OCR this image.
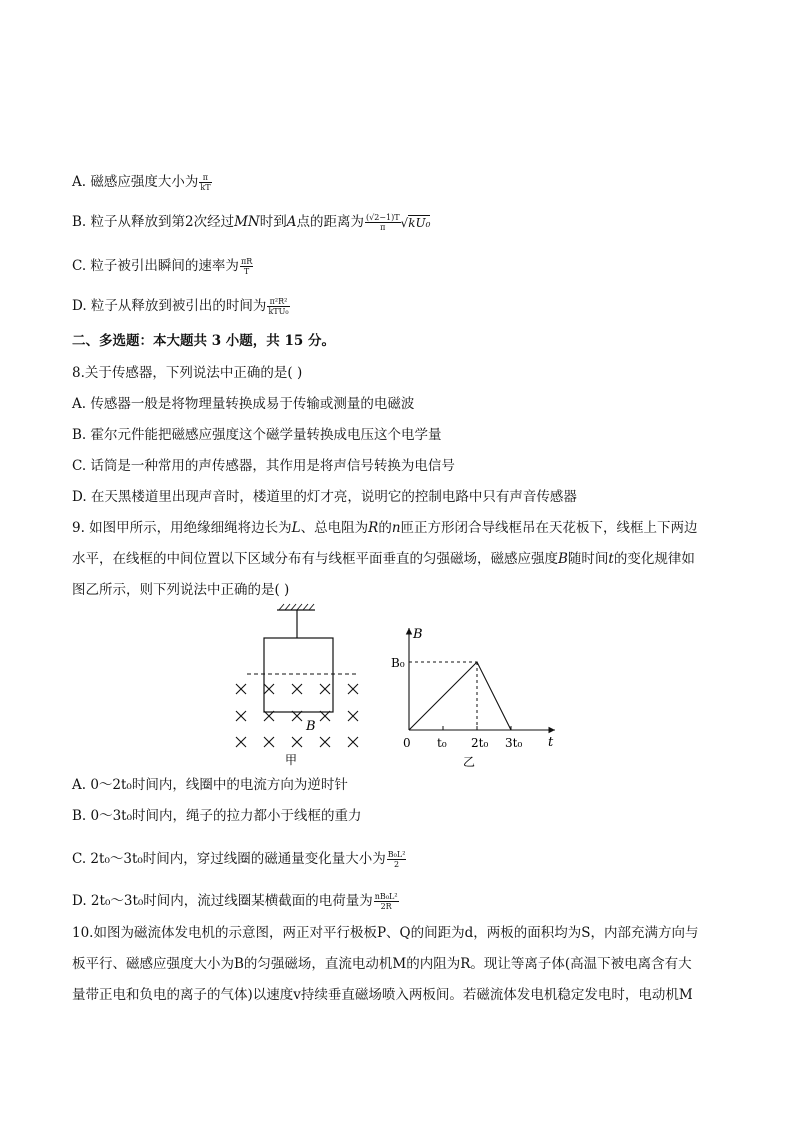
A. 磁感应强度大小为 $\frac{\pi}{kT}$
B. 粒子从释放到第2次经过MN时到A点的距离为 $\frac{(√2-1)T}{\pi} √kU_0$
C. 粒子被引出瞬间的速率为 $\frac{\pi R}{T}$
D. 粒子从释放到被引出的时间为 $\frac{\text{π²R²}}{\text{kTU₀}}$
二、多选题：本大题共 3 小题，共 15 分。
8.关于传感器，下列说法中正确的是( )
A. 传感器一般是将物理量转换成易于传输或测量的电磁波
B. 霍尔元件能把磁感应强度这个磁学量转换成电压这个电学量
C. 话筒是一种常用的声传感器，其作用是将声信号转换为电信号
D. 在天黑楼道里出现声音时，楼道里的灯才亮，说明它的控制电路中只有声音传感器
9. 如图甲所示，用绝缘细绳将边长为L、总电阻为R的n匝正方形闭合导线框吊在天花板下，线框上下两边
水平，在线框的中间位置以下区域分布有与线框平面垂直的匀强磁场，磁感应强度B随时间t的变化规律如
图乙所示，则下列说法中正确的是( )
B
甲
B
t
0 t₀ 2t₀ 3t₀
B₀
乙
A. 0～2t₀时间内，线圈中的电流方向为逆时针
B. 0～3t₀时间内，绳子的拉力都小于线框的重力
C. 2t₀～3t₀时间内，穿过线圈的磁通量变化量大小为 $\frac{\text{B₀L²}}{2}$
D. 2t₀～3t₀时间内，流过线圈某横截面的电荷量为 $\frac{\text{nB₀L²}}{2R}$
10.如图为磁流体发电机的示意图，两正对平行极板P、Q的间距为d，两板的面积均为S，内部充满方向与
板平行、磁感应强度大小为B的匀强磁场，直流电动机M的内阻为R。现让等离子体(高温下被电离含有大
量带正电和负电的离子的气体)以速度v持续垂直磁场喷入两板间。若磁流体发电机稳定发电时，电动机M
